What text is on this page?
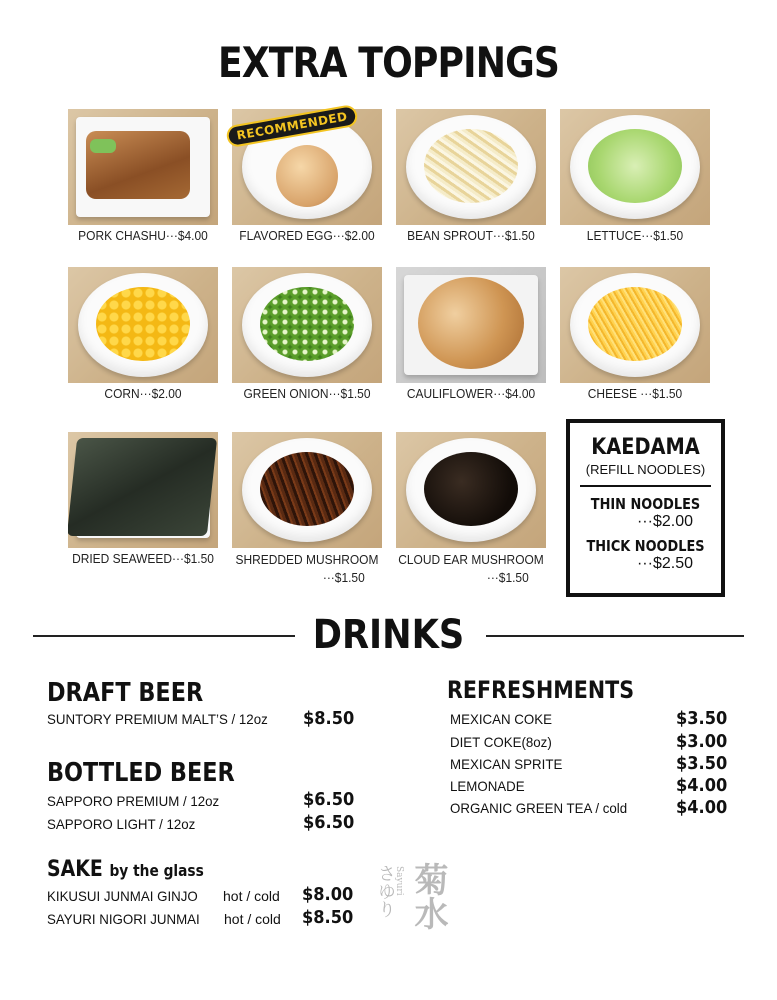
EXTRA TOPPINGS
PORK CHASHU···$4.00
RECOMMENDED
FLAVORED EGG···$2.00	BEAN SPROUT···$1.50	LETTUCE···$1.50
CORN···$2.00	GREEN ONION···$1.50	CAULIFLOWER···$4.00	CHEESE ···$1.50
DRIED SEAWEED···$1.50	SHREDDED MUSHROOM
···$1.50
CLOUD EAR MUSHROOM
···$1.50
KAEDAMA
(REFILL NOODLES)
THIN NOODLES
···$2.00
THICK NOODLES
···$2.50
DRINKS
DRAFT BEER
SUNTORY PREMIUM MALT’S / 12oz	$8.50
BOTTLED BEER
SAPPORO PREMIUM / 12oz	$6.50
SAPPORO LIGHT / 12oz	$6.50
SAKE by the glass
KIKUSUI JUNMAI GINJO	hot / cold $8.00
SAYURI NIGORI JUNMAI	hot / cold $8.50 さゆり
Sayuri 菊水
REFRESHMENTS
MEXICAN COKE	$3.50
DIET COKE(8oz)	$3.00
MEXICAN SPRITE	$3.50
LEMONADE	$4.00
ORGANIC GREEN TEA / cold	$4.00
